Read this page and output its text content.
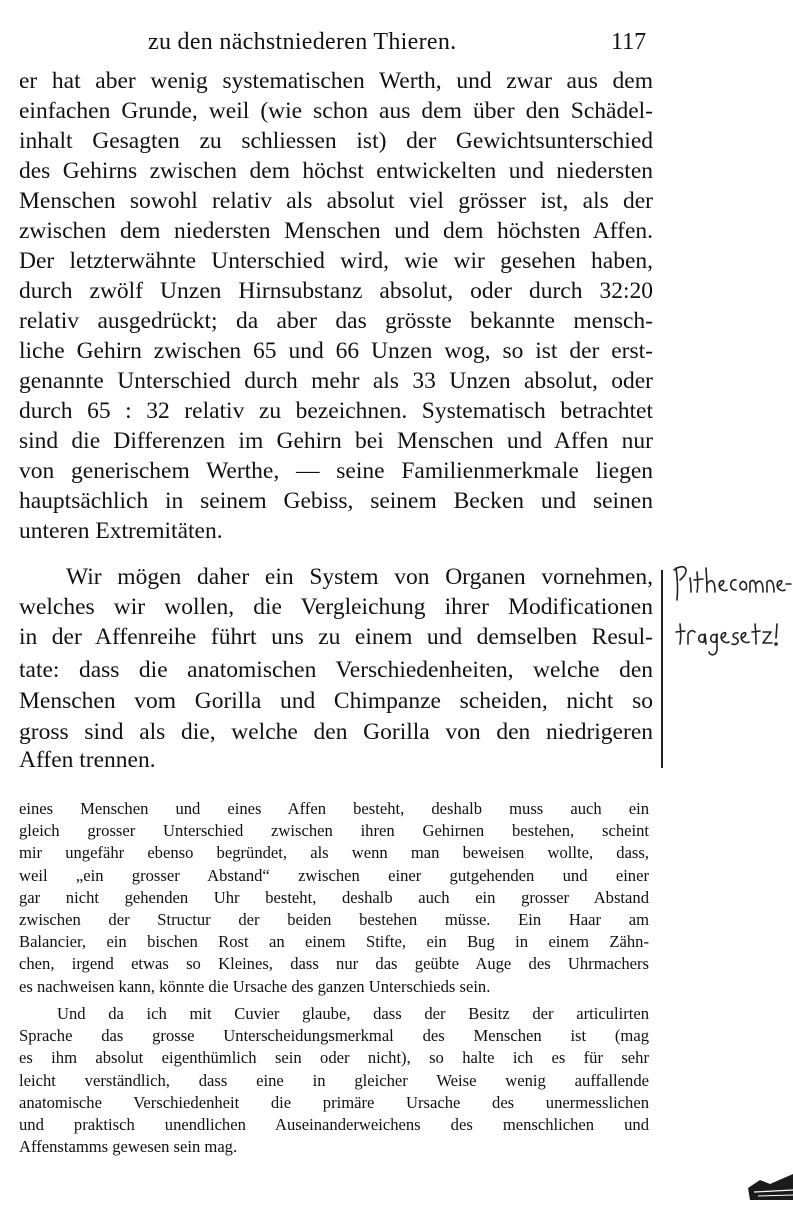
zu den nächstniederen Thieren.	117
er hat aber wenig systematischen Werth, und zwar aus dem
einfachen Grunde, weil (wie schon aus dem über den Schädel-
inhalt Gesagten zu schliessen ist) der Gewichtsunterschied
des Gehirns zwischen dem höchst entwickelten und niedersten
Menschen sowohl relativ als absolut viel grösser ist, als der
zwischen dem niedersten Menschen und dem höchsten Affen.
Der letzterwähnte Unterschied wird, wie wir gesehen haben,
durch zwölf Unzen Hirnsubstanz absolut, oder durch 32:20
relativ ausgedrückt; da aber das grösste bekannte mensch-
liche Gehirn zwischen 65 und 66 Unzen wog, so ist der erst-
genannte Unterschied durch mehr als 33 Unzen absolut, oder
durch 65 : 32 relativ zu bezeichnen. Systematisch betrachtet
sind die Differenzen im Gehirn bei Menschen und Affen nur
von generischem Werthe, — seine Familienmerkmale liegen
hauptsächlich in seinem Gebiss, seinem Becken und seinen
unteren Extremitäten.
Wir mögen daher ein System von Organen vornehmen,
welches wir wollen, die Vergleichung ihrer Modificationen
in der Affenreihe führt uns zu einem und demselben Resul-
tate: dass die anatomischen Verschiedenheiten, welche den
Menschen vom Gorilla und Chimpanze scheiden, nicht so
gross sind als die, welche den Gorilla von den niedrigeren
Affen trennen.
eines Menschen und eines Affen besteht, deshalb muss auch ein
gleich grosser Unterschied zwischen ihren Gehirnen bestehen, scheint
mir ungefähr ebenso begründet, als wenn man beweisen wollte, dass,
weil „ein grosser Abstand“ zwischen einer gutgehenden und einer
gar nicht gehenden Uhr besteht, deshalb auch ein grosser Abstand
zwischen der Structur der beiden bestehen müsse. Ein Haar am
Balancier, ein bischen Rost an einem Stifte, ein Bug in einem Zähn-
chen, irgend etwas so Kleines, dass nur das geübte Auge des Uhrmachers
es nachweisen kann, könnte die Ursache des ganzen Unterschieds sein.
Und da ich mit Cuvier glaube, dass der Besitz der articulirten
Sprache das grosse Unterscheidungsmerkmal des Menschen ist (mag
es ihm absolut eigenthümlich sein oder nicht), so halte ich es für sehr
leicht verständlich, dass eine in gleicher Weise wenig auffallende
anatomische Verschiedenheit die primäre Ursache des unermesslichen
und praktisch unendlichen Auseinanderweichens des menschlichen und
Affenstamms gewesen sein mag.
